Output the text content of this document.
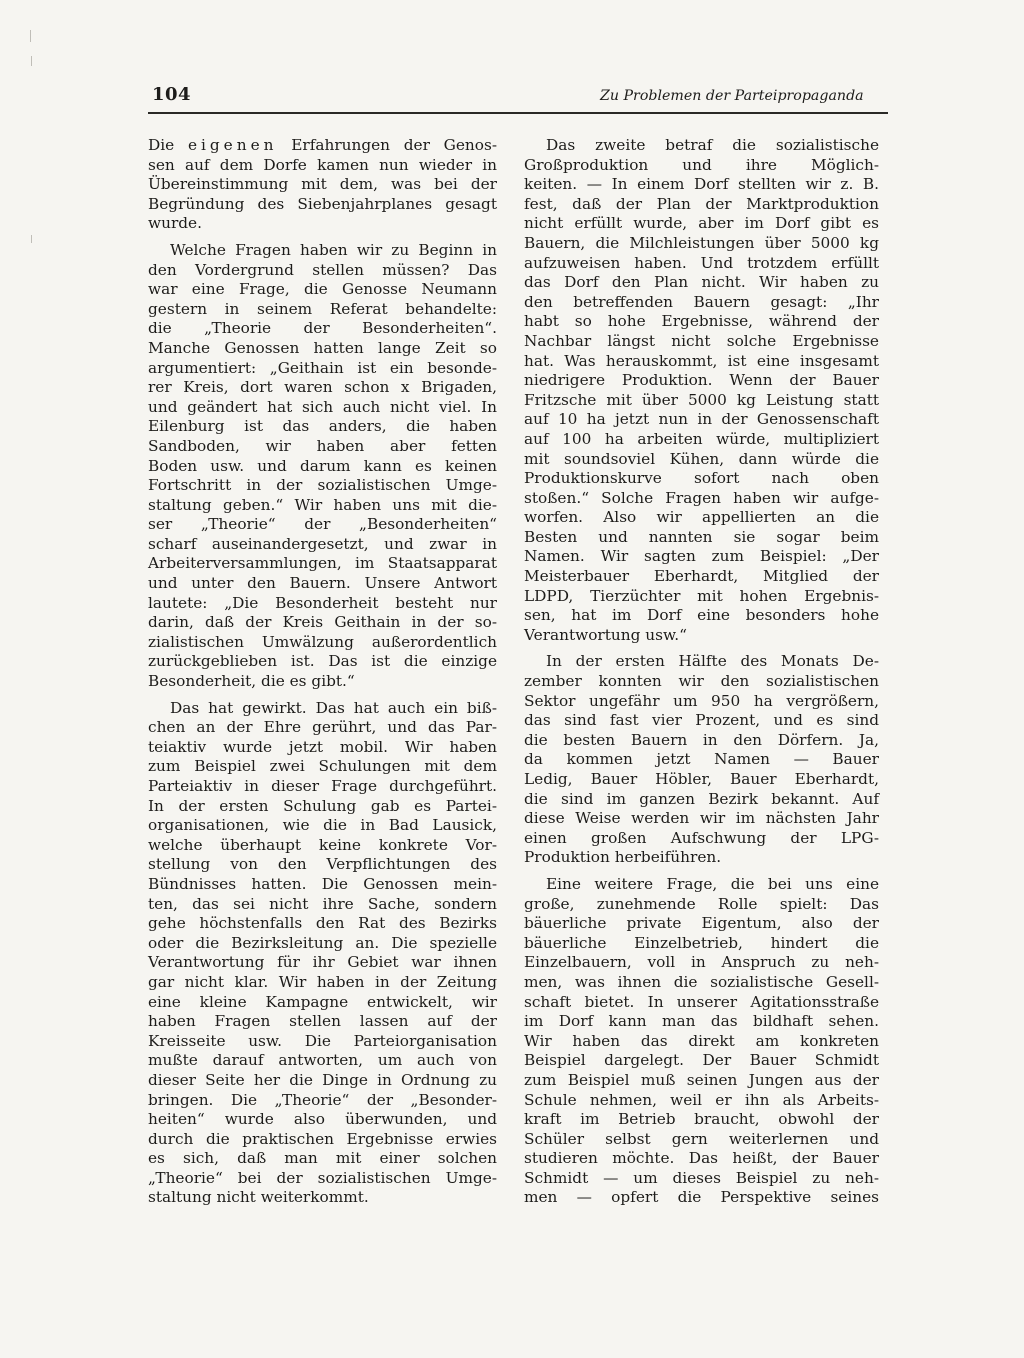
104	Zu Problemen der Parteipropaganda
Die eigenen Erfahrungen der Genos-
sen auf dem Dorfe kamen nun wieder in
Übereinstimmung mit dem, was bei der
Begründung des Siebenjahrplanes gesagt
wurde.
Welche Fragen haben wir zu Beginn in
den Vordergrund stellen müssen? Das
war eine Frage, die Genosse Neumann
gestern in seinem Referat behandelte:
die „Theorie der Besonderheiten“.
Manche Genossen hatten lange Zeit so
argumentiert: „Geithain ist ein besonde-
rer Kreis, dort waren schon x Brigaden,
und geändert hat sich auch nicht viel. In
Eilenburg ist das anders, die haben
Sandboden, wir haben aber fetten
Boden usw. und darum kann es keinen
Fortschritt in der sozialistischen Umge-
staltung geben.“ Wir haben uns mit die-
ser „Theorie“ der „Besonderheiten“
scharf auseinandergesetzt, und zwar in
Arbeiterversammlungen, im Staatsapparat
und unter den Bauern. Unsere Antwort
lautete: „Die Besonderheit besteht nur
darin, daß der Kreis Geithain in der so-
zialistischen Umwälzung außerordentlich
zurückgeblieben ist. Das ist die einzige
Besonderheit, die es gibt.“
Das hat gewirkt. Das hat auch ein biß-
chen an der Ehre gerührt, und das Par-
teiaktiv wurde jetzt mobil. Wir haben
zum Beispiel zwei Schulungen mit dem
Parteiaktiv in dieser Frage durchgeführt.
In der ersten Schulung gab es Partei-
organisationen, wie die in Bad Lausick,
welche überhaupt keine konkrete Vor-
stellung von den Verpflichtungen des
Bündnisses hatten. Die Genossen mein-
ten, das sei nicht ihre Sache, sondern
gehe höchstenfalls den Rat des Bezirks
oder die Bezirksleitung an. Die spezielle
Verantwortung für ihr Gebiet war ihnen
gar nicht klar. Wir haben in der Zeitung
eine kleine Kampagne entwickelt, wir
haben Fragen stellen lassen auf der
Kreisseite usw. Die Parteiorganisation
mußte darauf antworten, um auch von
dieser Seite her die Dinge in Ordnung zu
bringen. Die „Theorie“ der „Besonder-
heiten“ wurde also überwunden, und
durch die praktischen Ergebnisse erwies
es sich, daß man mit einer solchen
„Theorie“ bei der sozialistischen Umge-
staltung nicht weiterkommt.
Das zweite betraf die sozialistische
Großproduktion und ihre Möglich-
keiten. — In einem Dorf stellten wir z. B.
fest, daß der Plan der Marktproduktion
nicht erfüllt wurde, aber im Dorf gibt es
Bauern, die Milchleistungen über 5000 kg
aufzuweisen haben. Und trotzdem erfüllt
das Dorf den Plan nicht. Wir haben zu
den betreffenden Bauern gesagt: „Ihr
habt so hohe Ergebnisse, während der
Nachbar längst nicht solche Ergebnisse
hat. Was herauskommt, ist eine insgesamt
niedrigere Produktion. Wenn der Bauer
Fritzsche mit über 5000 kg Leistung statt
auf 10 ha jetzt nun in der Genossenschaft
auf 100 ha arbeiten würde, multipliziert
mit soundsoviel Kühen, dann würde die
Produktionskurve sofort nach oben
stoßen.“ Solche Fragen haben wir aufge-
worfen. Also wir appellierten an die
Besten und nannten sie sogar beim
Namen. Wir sagten zum Beispiel: „Der
Meisterbauer Eberhardt, Mitglied der
LDPD, Tierzüchter mit hohen Ergebnis-
sen, hat im Dorf eine besonders hohe
Verantwortung usw.“
In der ersten Hälfte des Monats De-
zember konnten wir den sozialistischen
Sektor ungefähr um 950 ha vergrößern,
das sind fast vier Prozent, und es sind
die besten Bauern in den Dörfern. Ja,
da kommen jetzt Namen — Bauer
Ledig, Bauer Höbler, Bauer Eberhardt,
die sind im ganzen Bezirk bekannt. Auf
diese Weise werden wir im nächsten Jahr
einen großen Aufschwung der LPG-
Produktion herbeiführen.
Eine weitere Frage, die bei uns eine
große, zunehmende Rolle spielt: Das
bäuerliche private Eigentum, also der
bäuerliche Einzelbetrieb, hindert die
Einzelbauern, voll in Anspruch zu neh-
men, was ihnen die sozialistische Gesell-
schaft bietet. In unserer Agitationsstraße
im Dorf kann man das bildhaft sehen.
Wir haben das direkt am konkreten
Beispiel dargelegt. Der Bauer Schmidt
zum Beispiel muß seinen Jungen aus der
Schule nehmen, weil er ihn als Arbeits-
kraft im Betrieb braucht, obwohl der
Schüler selbst gern weiterlernen und
studieren möchte. Das heißt, der Bauer
Schmidt — um dieses Beispiel zu neh-
men — opfert die Perspektive seines
